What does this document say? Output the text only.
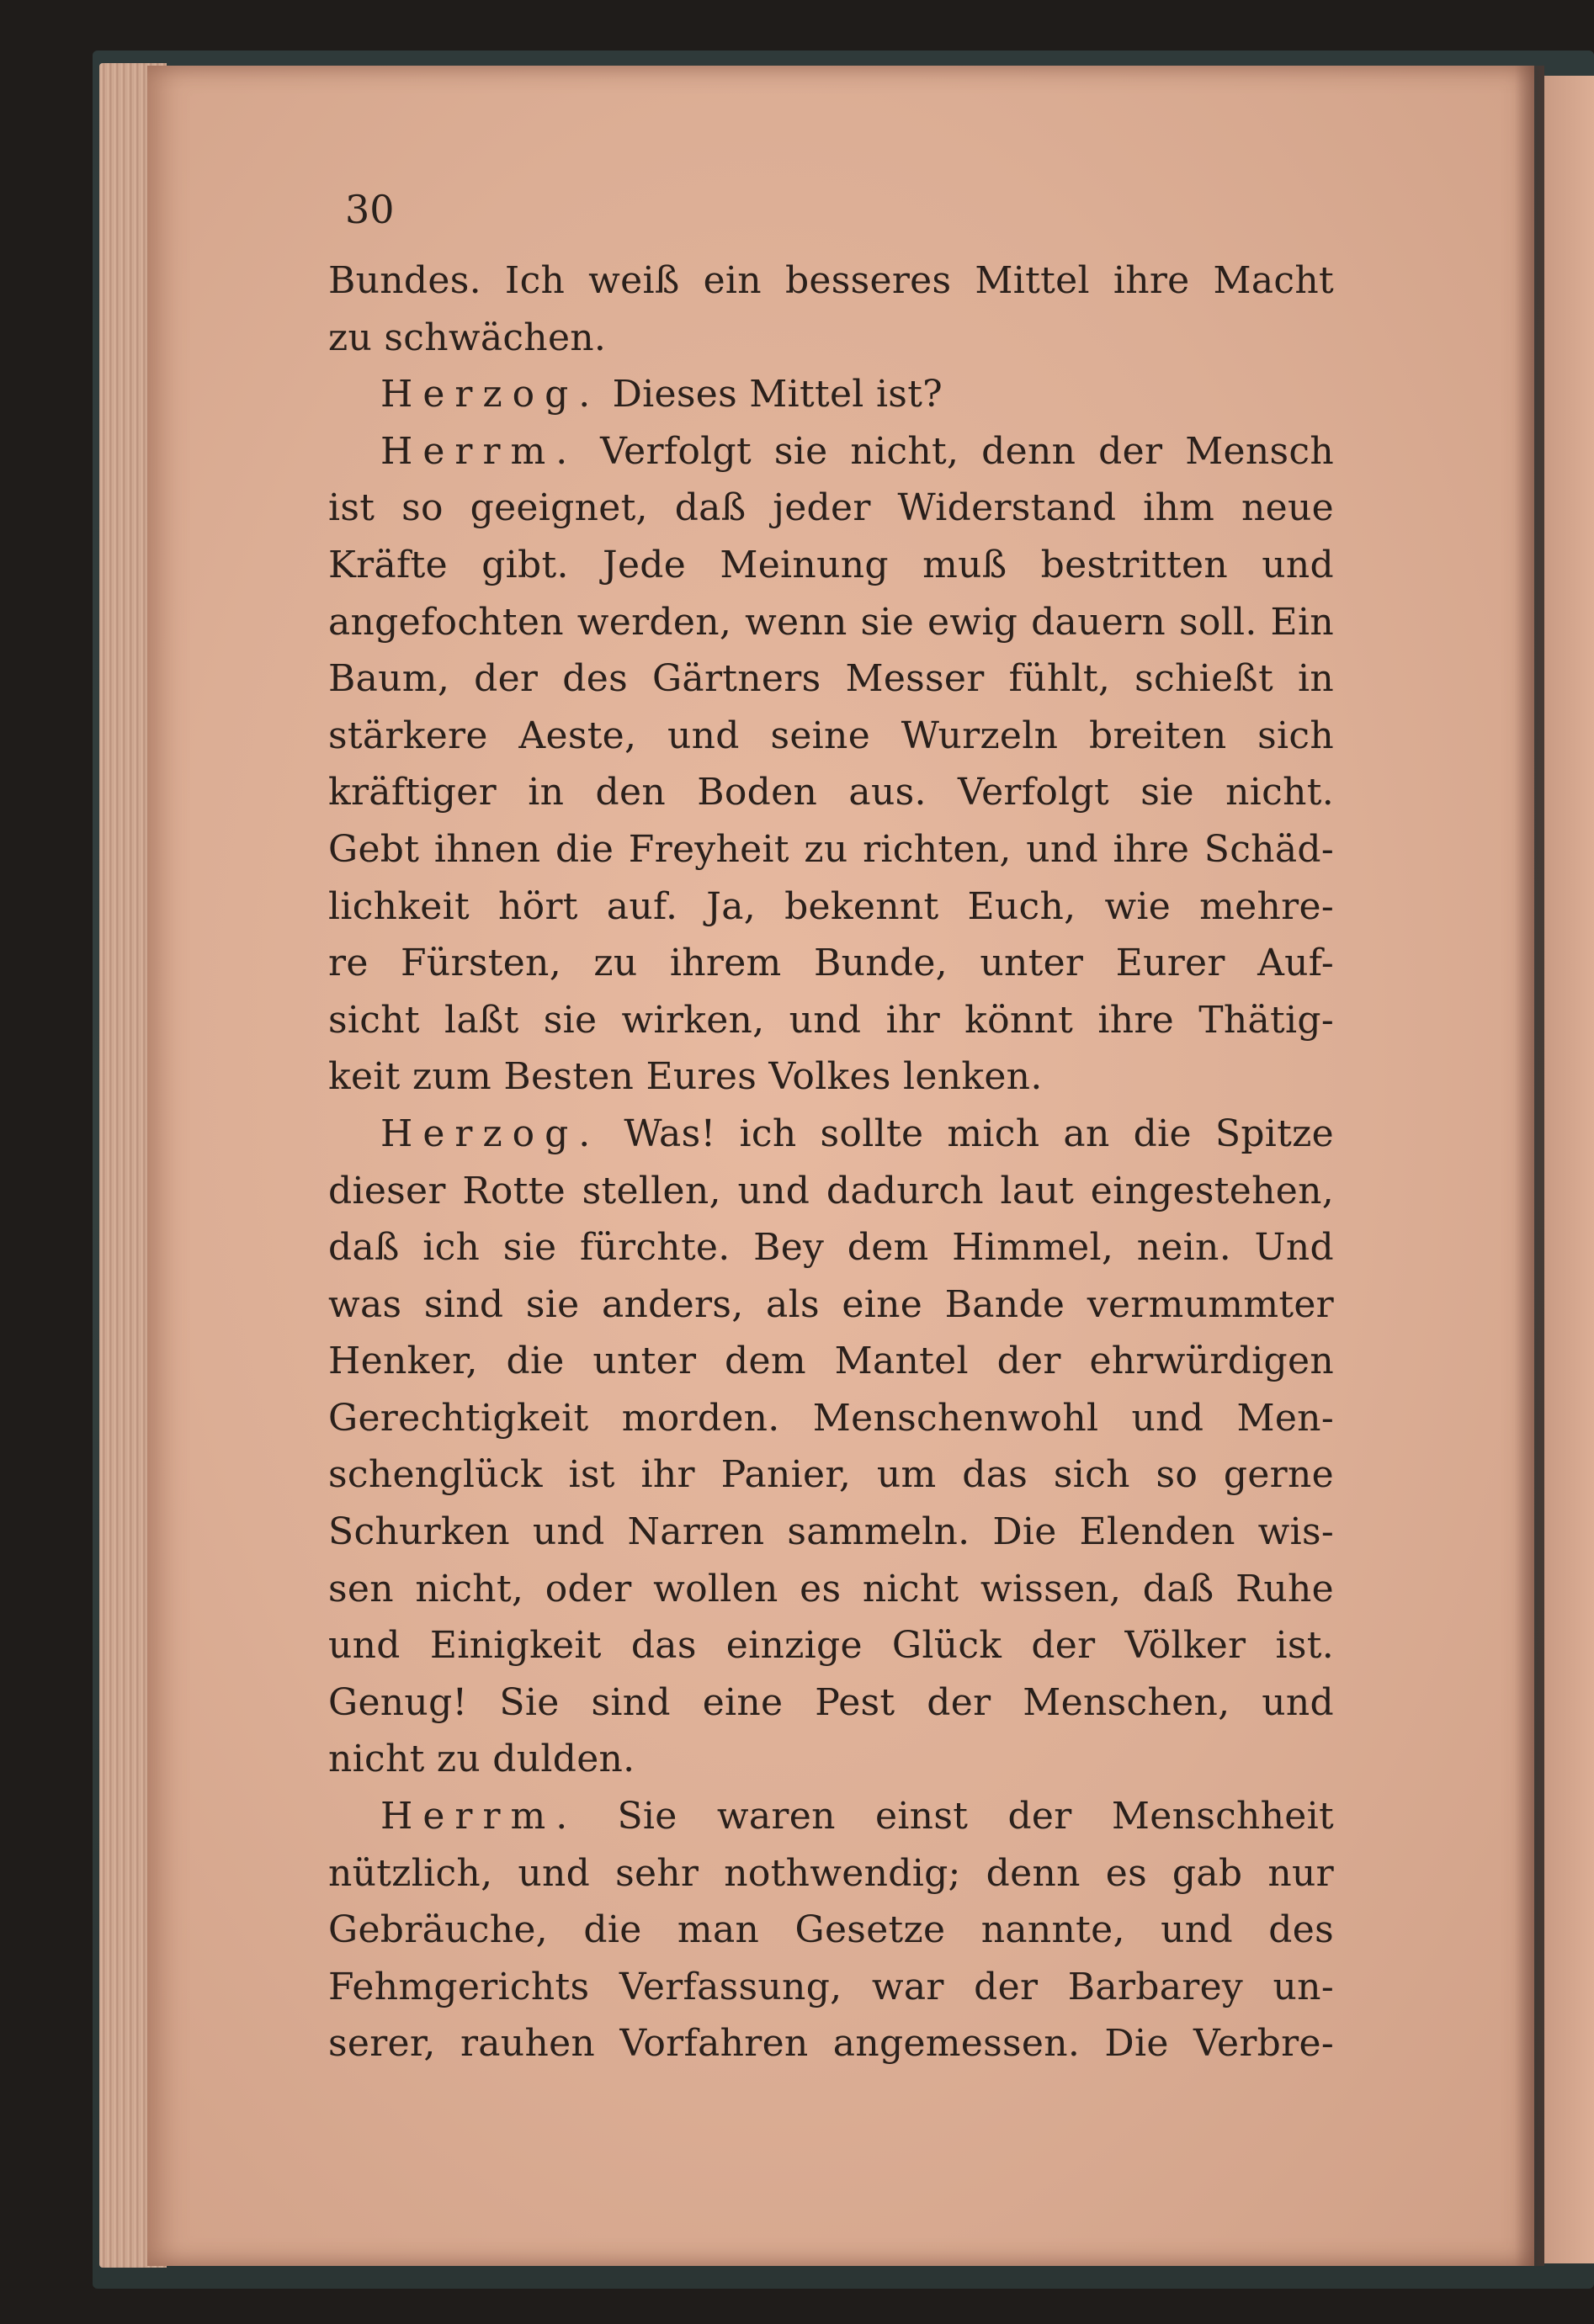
30
Bundes. Ich weiß ein besseres Mittel ihre Macht
zu schwächen.
Herzog. Dieses Mittel ist?
Herrm. Verfolgt sie nicht, denn der Mensch
ist so geeignet, daß jeder Widerstand ihm neue
Kräfte gibt. Jede Meinung muß bestritten und
angefochten werden, wenn sie ewig dauern soll. Ein
Baum, der des Gärtners Messer fühlt, schießt in
stärkere Aeste, und seine Wurzeln breiten sich
kräftiger in den Boden aus. Verfolgt sie nicht.
Gebt ihnen die Freyheit zu richten, und ihre Schäd-
lichkeit hört auf. Ja, bekennt Euch, wie mehre-
re Fürsten, zu ihrem Bunde, unter Eurer Auf-
sicht laßt sie wirken, und ihr könnt ihre Thätig-
keit zum Besten Eures Volkes lenken.
Herzog. Was! ich sollte mich an die Spitze
dieser Rotte stellen, und dadurch laut eingestehen,
daß ich sie fürchte. Bey dem Himmel, nein. Und
was sind sie anders, als eine Bande vermummter
Henker, die unter dem Mantel der ehrwürdigen
Gerechtigkeit morden. Menschenwohl und Men-
schenglück ist ihr Panier, um das sich so gerne
Schurken und Narren sammeln. Die Elenden wis-
sen nicht, oder wollen es nicht wissen, daß Ruhe
und Einigkeit das einzige Glück der Völker ist.
Genug! Sie sind eine Pest der Menschen, und
nicht zu dulden.
Herrm. Sie waren einst der Menschheit
nützlich, und sehr nothwendig; denn es gab nur
Gebräuche, die man Gesetze nannte, und des
Fehmgerichts Verfassung, war der Barbarey un-
serer, rauhen Vorfahren angemessen. Die Verbre-
